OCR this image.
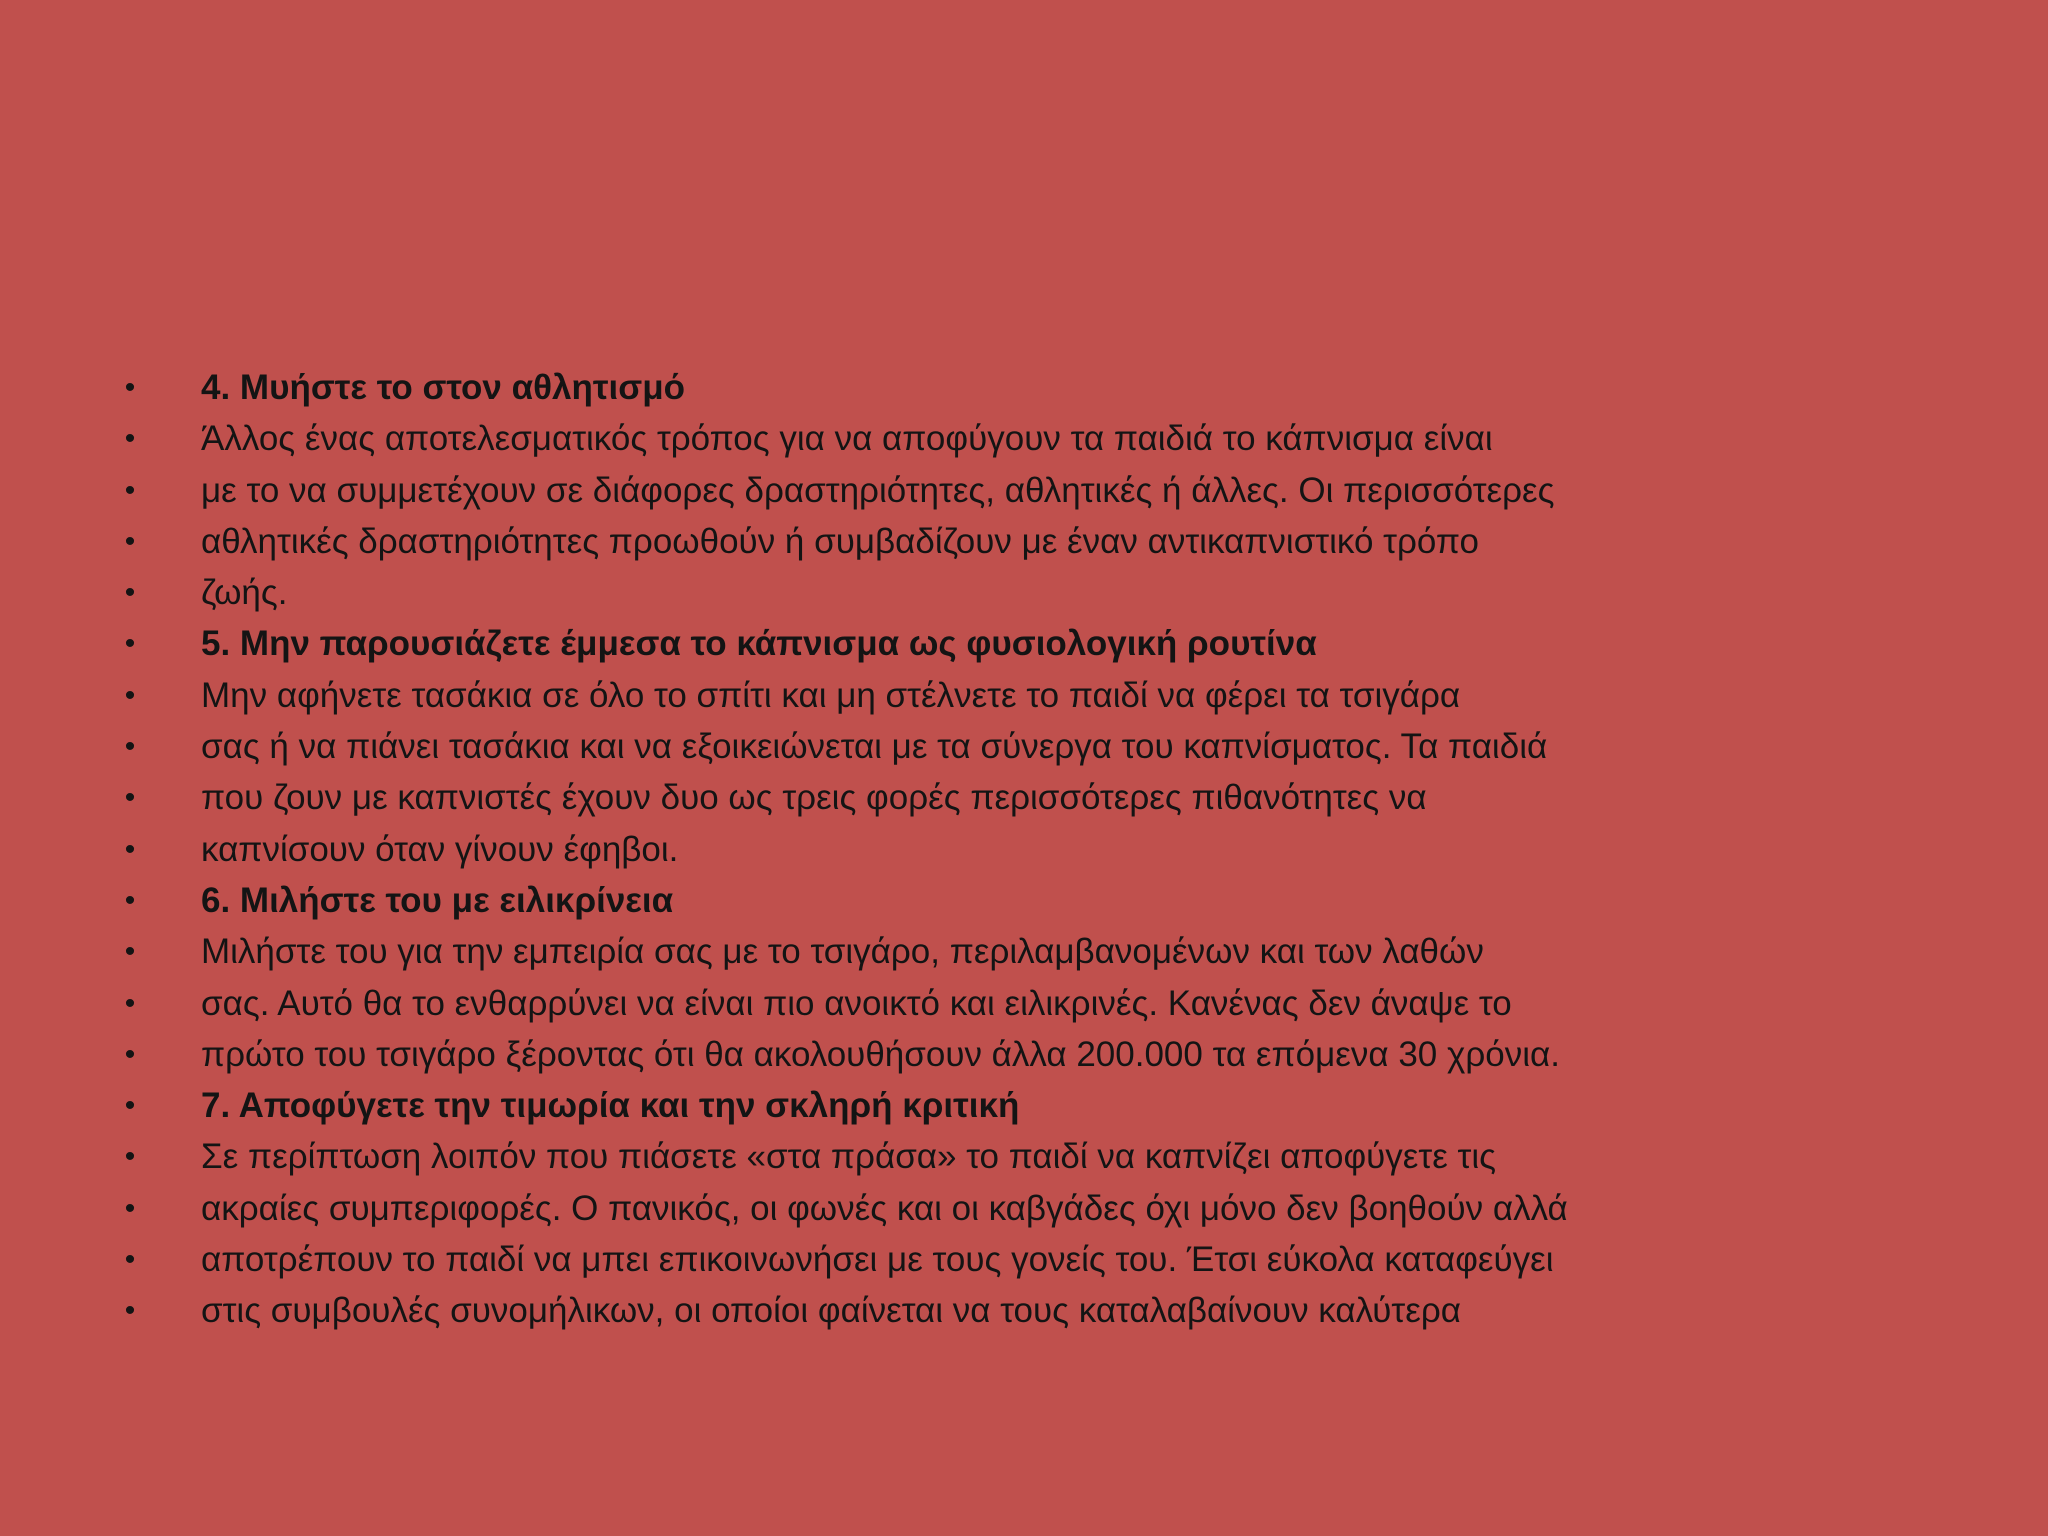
• 4. Μυήστε το στον αθλητισμό
• Άλλος ένας αποτελεσματικός τρόπος για να αποφύγουν τα παιδιά το κάπνισμα είναι
• με το να συμμετέχουν σε διάφορες δραστηριότητες, αθλητικές ή άλλες. Οι περισσότερες
• αθλητικές δραστηριότητες προωθούν ή συμβαδίζουν με έναν αντικαπνιστικό τρόπο
• ζωής.
• 5. Μην παρουσιάζετε έμμεσα το κάπνισμα ως φυσιολογική ρουτίνα
• Μην αφήνετε τασάκια σε όλο το σπίτι και μη στέλνετε το παιδί να φέρει τα τσιγάρα
• σας ή να πιάνει τασάκια και να εξοικειώνεται με τα σύνεργα του καπνίσματος. Τα παιδιά
• που ζουν με καπνιστές έχουν δυο ως τρεις φορές περισσότερες πιθανότητες να
• καπνίσουν όταν γίνουν έφηβοι.
• 6. Μιλήστε του με ειλικρίνεια
• Μιλήστε του για την εμπειρία σας με το τσιγάρο, περιλαμβανομένων και των λαθών
• σας. Αυτό θα το ενθαρρύνει να είναι πιο ανοικτό και ειλικρινές. Κανένας δεν άναψε το
• πρώτο του τσιγάρο ξέροντας ότι θα ακολουθήσουν άλλα 200.000 τα επόμενα 30 χρόνια.
• 7. Αποφύγετε την τιμωρία και την σκληρή κριτική
• Σε περίπτωση λοιπόν που πιάσετε «στα πράσα» το παιδί να καπνίζει αποφύγετε τις
• ακραίες συμπεριφορές. Ο πανικός, οι φωνές και οι καβγάδες όχι μόνο δεν βοηθούν αλλά
• αποτρέπουν το παιδί να μπει επικοινωνήσει με τους γονείς του. Έτσι εύκολα καταφεύγει
• στις συμβουλές συνομήλικων, οι οποίοι φαίνεται να τους καταλαβαίνουν καλύτερα
